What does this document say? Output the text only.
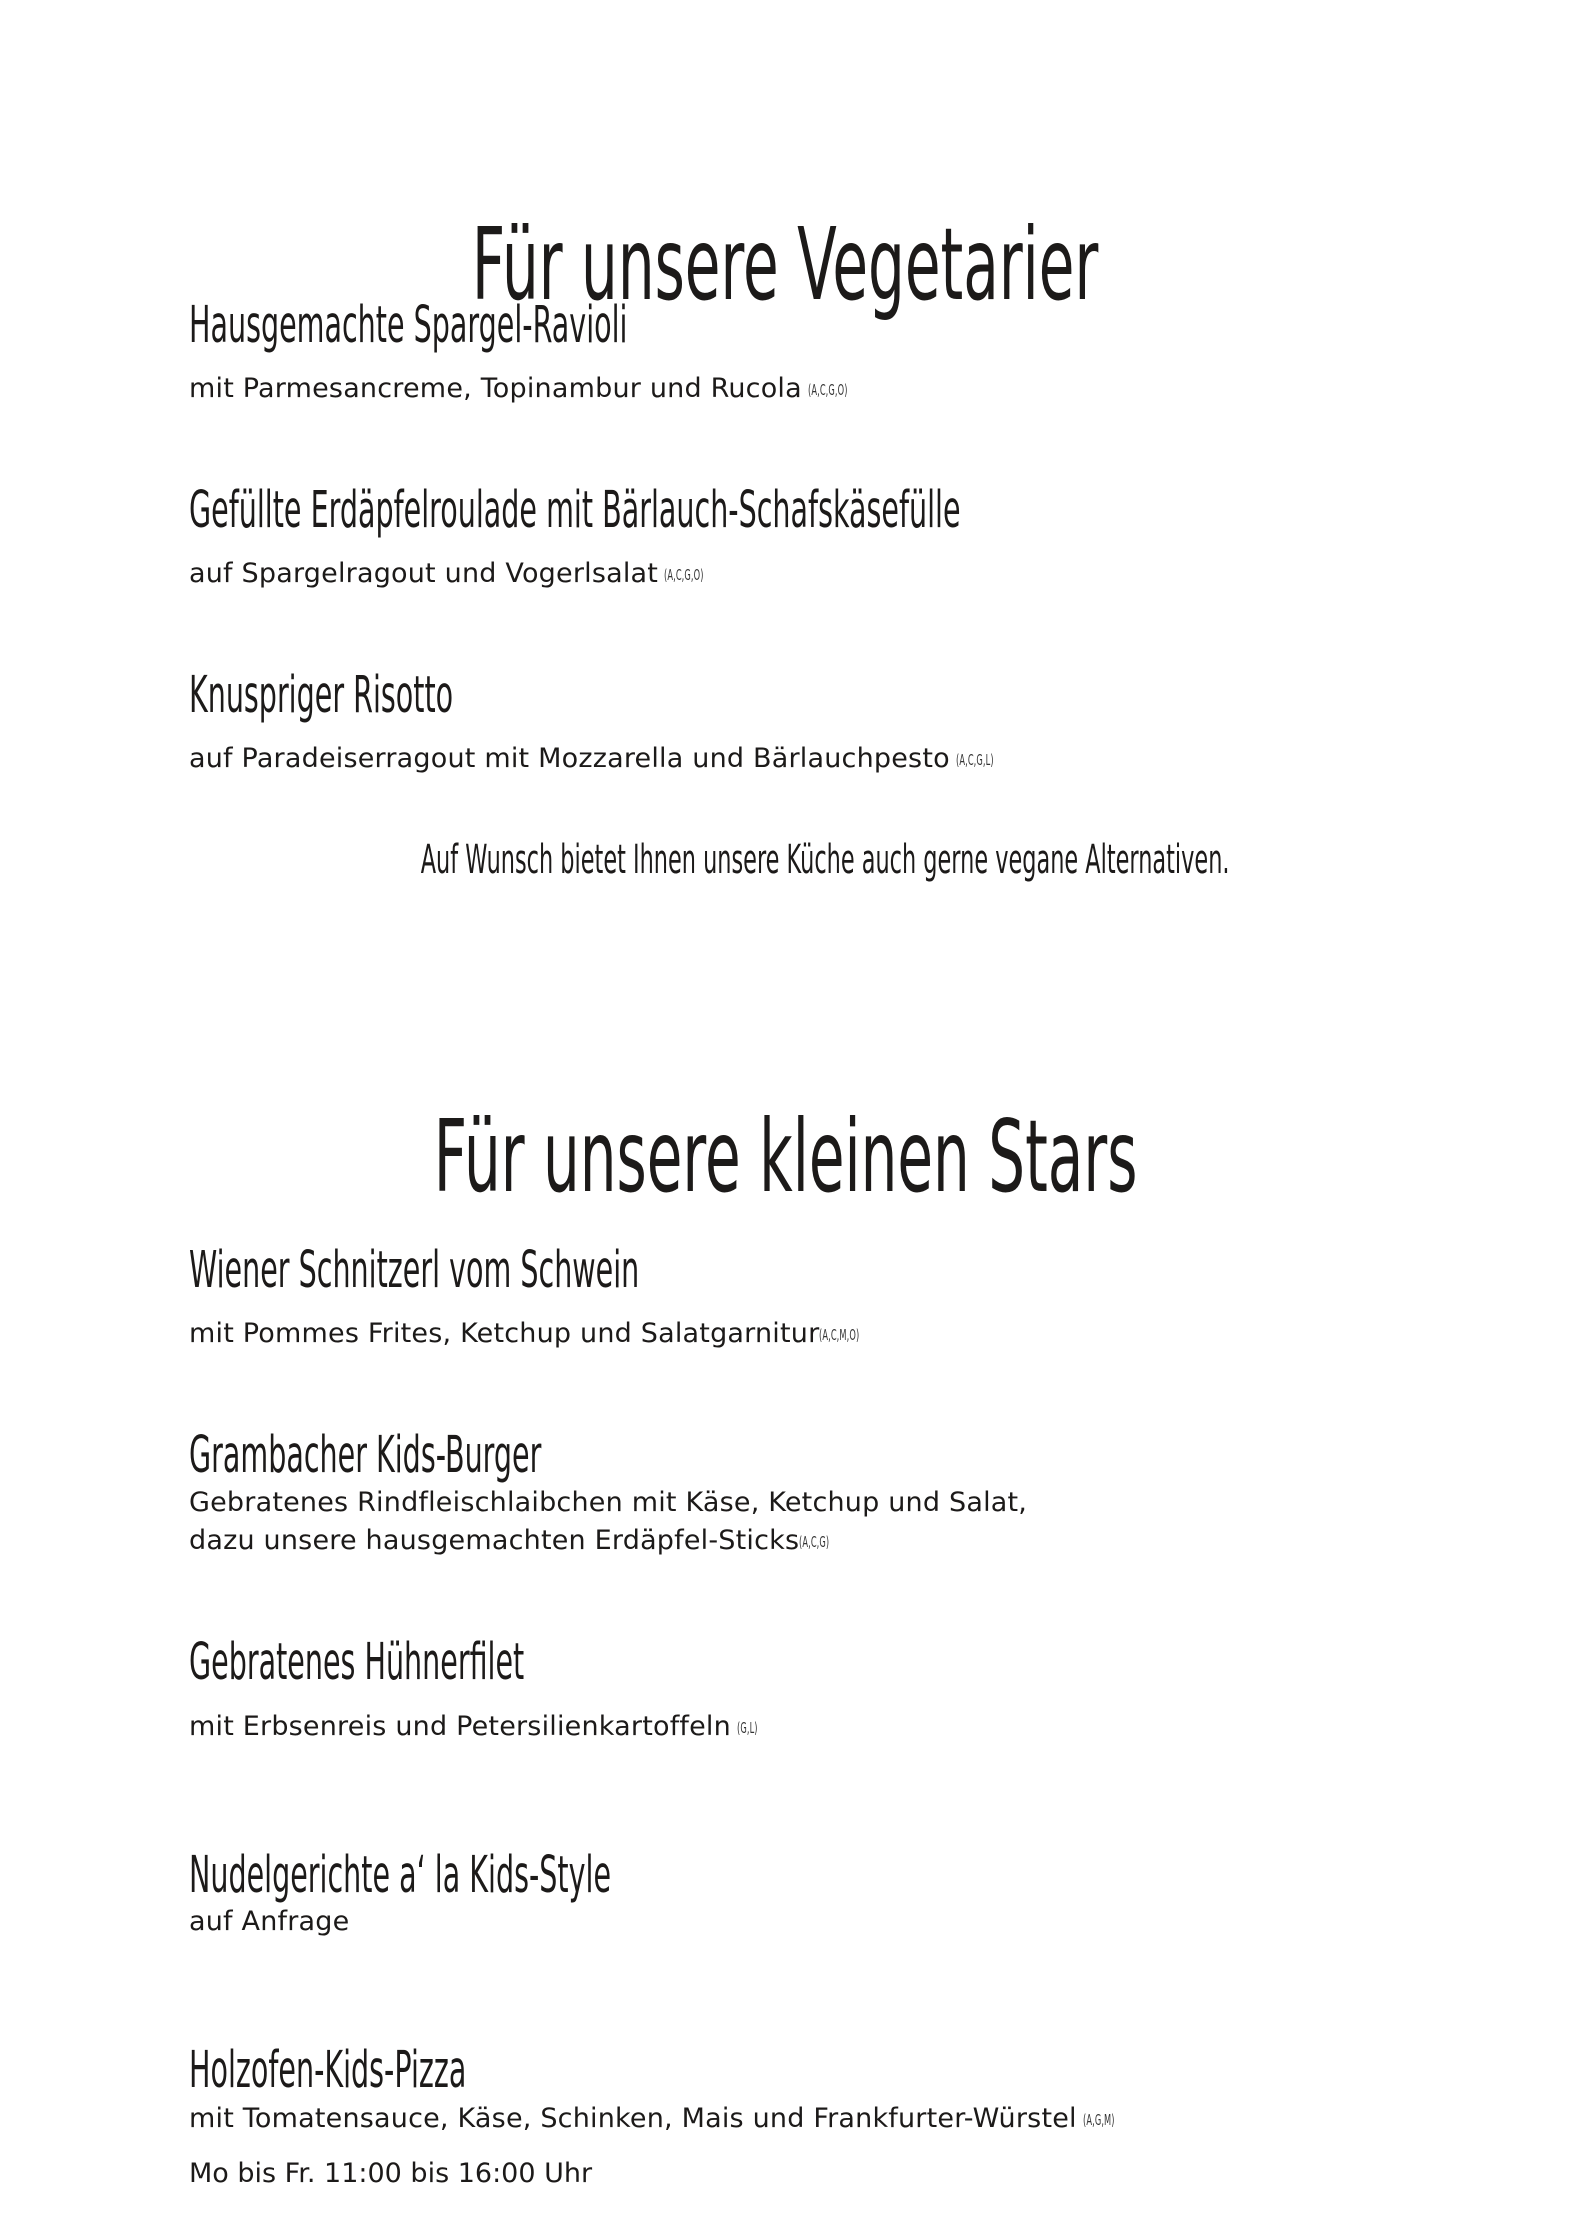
Für unsere Vegetarier
Hausgemachte Spargel-Ravioli
mit Parmesancreme, Topinambur und Rucola (A,C,G,O)
Gefüllte Erdäpfelroulade mit Bärlauch-Schafskäsefülle
auf Spargelragout und Vogerlsalat (A,C,G,O)
Knuspriger Risotto
auf Paradeiserragout mit Mozzarella und Bärlauchpesto (A,C,G,L)
Auf Wunsch bietet Ihnen unsere Küche auch gerne vegane Alternativen.
Für unsere kleinen Stars
Wiener Schnitzerl vom Schwein
mit Pommes Frites, Ketchup und Salatgarnitur(A,C,M,O)
Grambacher Kids-Burger
Gebratenes Rindfleischlaibchen mit Käse, Ketchup und Salat,
dazu unsere hausgemachten Erdäpfel-Sticks(A,C,G)
Gebratenes Hühnerfilet
mit Erbsenreis und Petersilienkartoffeln (G,L)
Nudelgerichte a‘ la Kids-Style
auf Anfrage
Holzofen-Kids-Pizza
mit Tomatensauce, Käse, Schinken, Mais und Frankfurter-Würstel (A,G,M)
Mo bis Fr. 11:00 bis 16:00 Uhr
